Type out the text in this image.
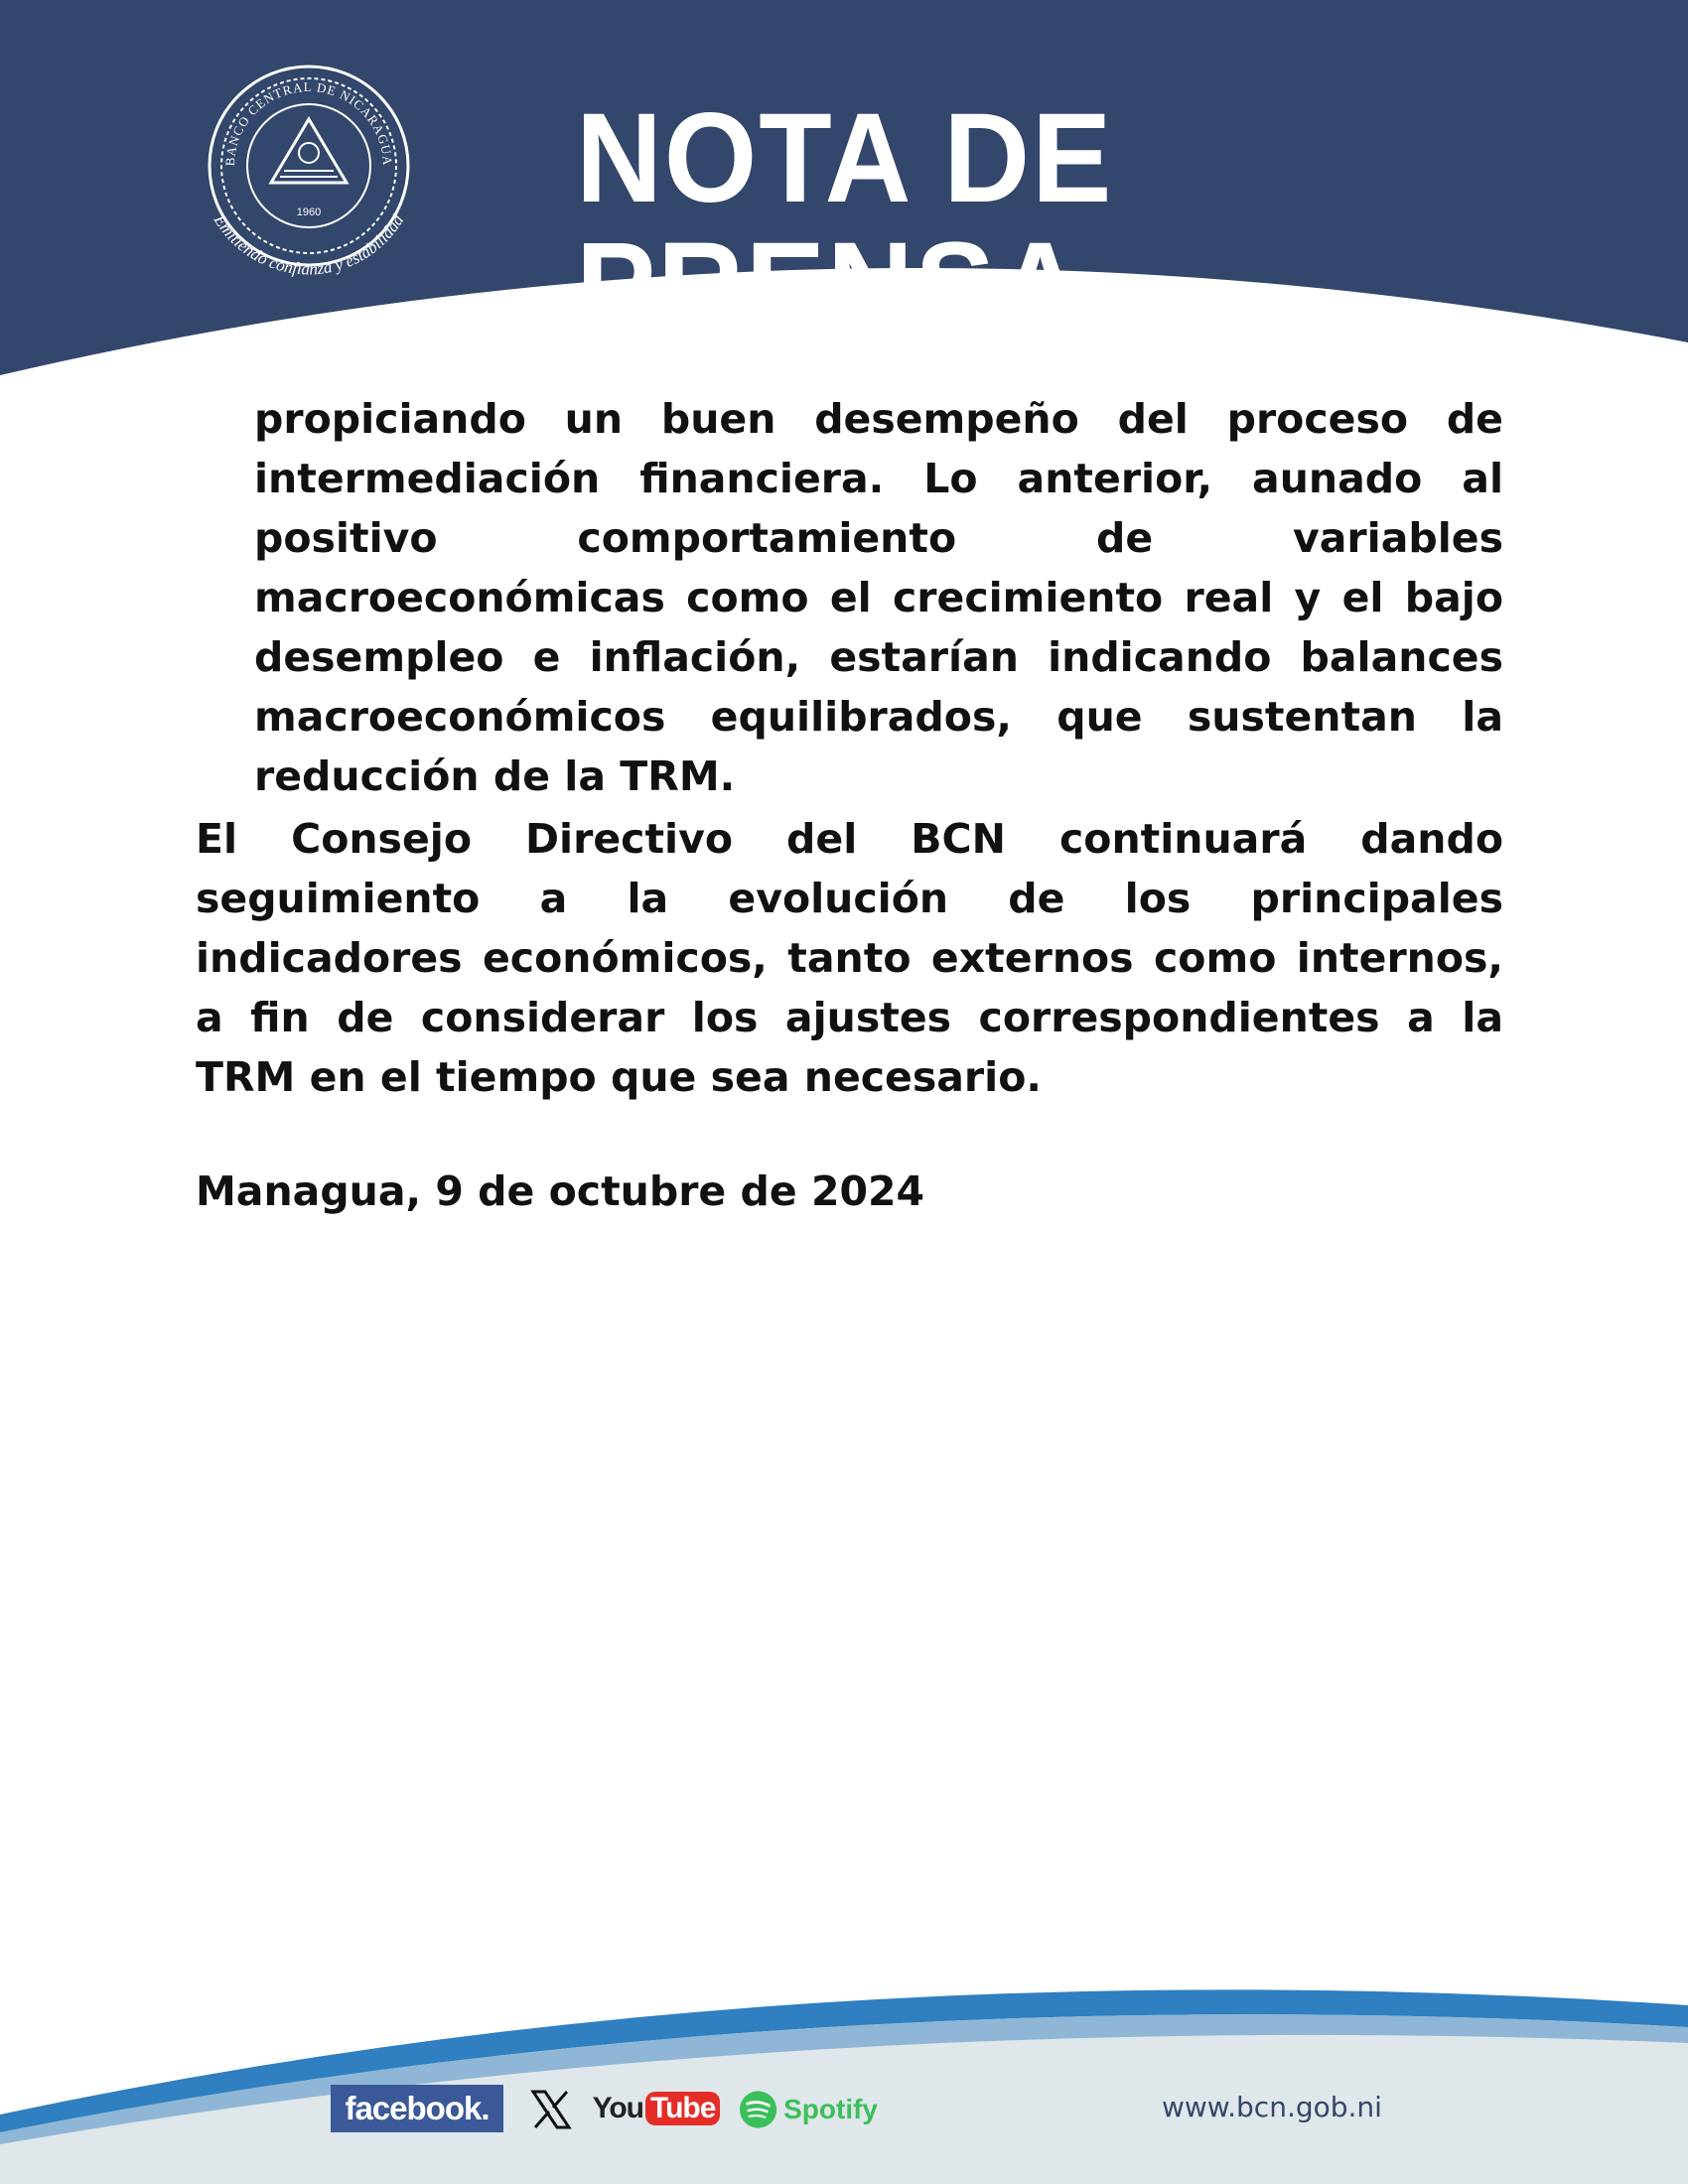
BANCO CENTRAL DE NICARAGUA
1960
Emitiendo confianza y estabilidad NOTA DE PRENSA
propiciando un buen desempeño del proceso de intermediación financiera. Lo anterior, aunado al positivo comportamiento de variables macroeconómicas como el crecimiento real y el bajo desempleo e inflación, estarían indicando balances macroeconómicos equilibrados, que sustentan la reducción de la TRM.
El Consejo Directivo del BCN continuará dando seguimiento a la evolución de los principales indicadores económicos, tanto externos como internos, a fin de considerar los ajustes correspondientes a la TRM en el tiempo que sea necesario.
Managua, 9 de octubre de 2024
facebook.	You Tube Spotify	www.bcn.gob.ni
